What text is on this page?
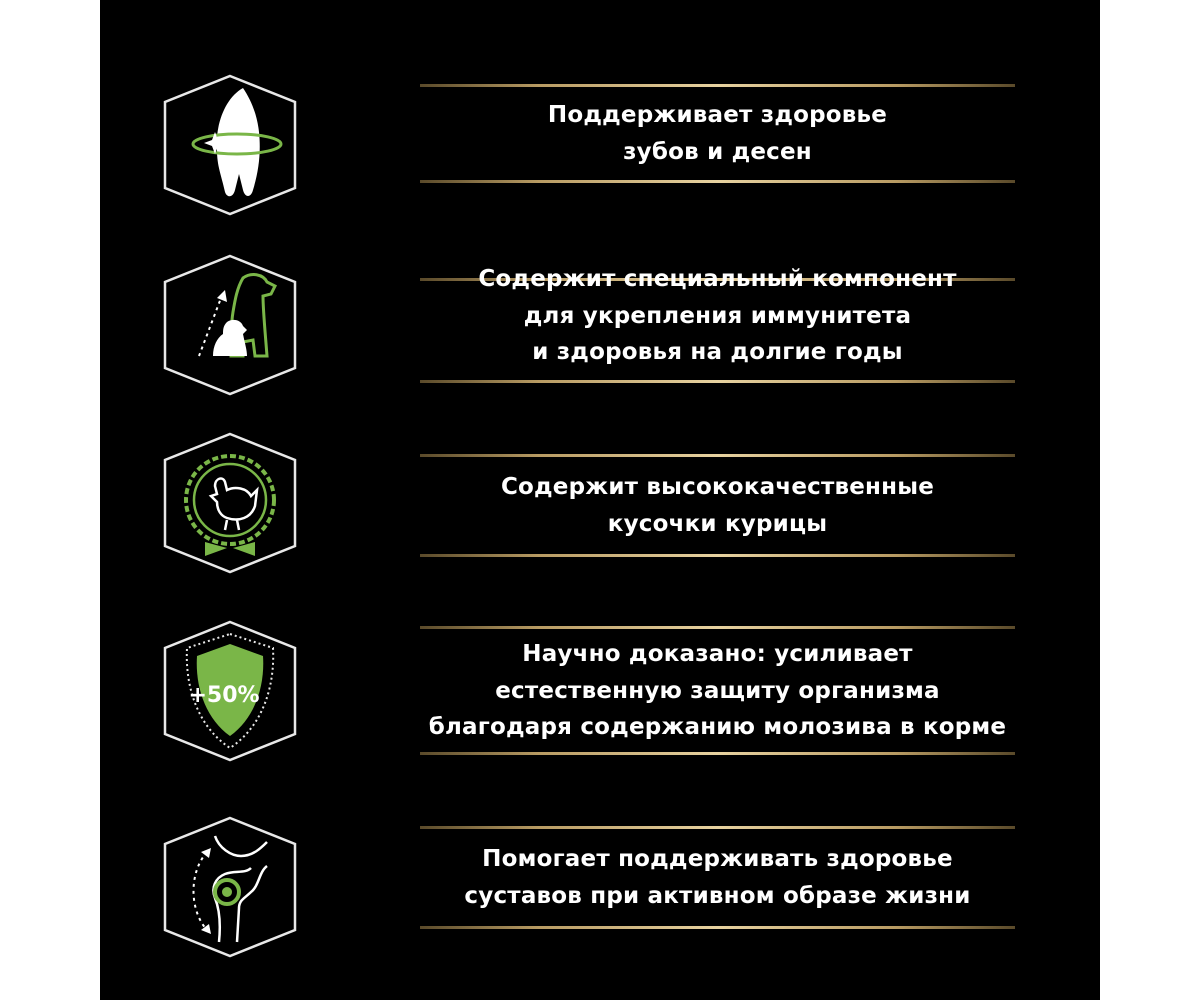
Поддерживает здоровье
зубов и десен

Содержит специальный компонент
для укрепления иммунитета
и здоровья на долгие годы

Содержит высококачественные
кусочки курицы

+50%

Научно доказано: усиливает
естественную защиту организма
благодаря содержанию молозива в корме

Помогает поддерживать здоровье
суставов при активном образе жизни
